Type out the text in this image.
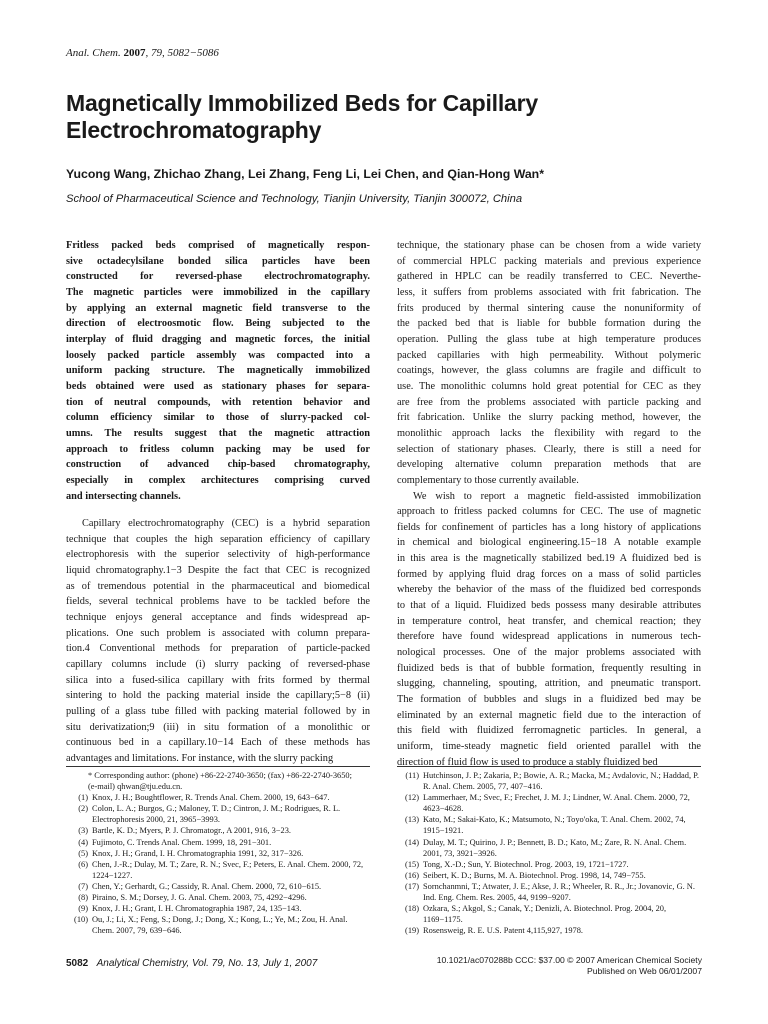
Anal. Chem. 2007, 79, 5082−5086
Magnetically Immobilized Beds for Capillary
Electrochromatography
Yucong Wang, Zhichao Zhang, Lei Zhang, Feng Li, Lei Chen, and Qian-Hong Wan*
School of Pharmaceutical Science and Technology, Tianjin University, Tianjin 300072, China
Fritless packed beds comprised of magnetically respon-
sive octadecylsilane bonded silica particles have been
constructed for reversed-phase electrochromatography.
The magnetic particles were immobilized in the capillary
by applying an external magnetic field transverse to the
direction of electroosmotic flow. Being subjected to the
interplay of fluid dragging and magnetic forces, the initial
loosely packed particle assembly was compacted into a
uniform packing structure. The magnetically immobilized
beds obtained were used as stationary phases for separa-
tion of neutral compounds, with retention behavior and
column efficiency similar to those of slurry-packed col-
umns. The results suggest that the magnetic attraction
approach to fritless column packing may be used for
construction of advanced chip-based chromatography,
especially in complex architectures comprising curved
and intersecting channels.
Capillary electrochromatography (CEC) is a hybrid separation
technique that couples the high separation efficiency of capillary
electrophoresis with the superior selectivity of high-performance
liquid chromatography.1−3 Despite the fact that CEC is recognized
as of tremendous potential in the pharmaceutical and biomedical
fields, several technical problems have to be tackled before the
technique enjoys general acceptance and finds widespread ap-
plications. One such problem is associated with column prepara-
tion.4 Conventional methods for preparation of particle-packed
capillary columns include (i) slurry packing of reversed-phase
silica into a fused-silica capillary with frits formed by thermal
sintering to hold the packing material inside the capillary;5−8 (ii)
pulling of a glass tube filled with packing material followed by in
situ derivatization;9 (iii) in situ formation of a monolithic or
continuous bed in a capillary.10−14 Each of these methods has
advantages and limitations. For instance, with the slurry packing
technique, the stationary phase can be chosen from a wide variety
of commercial HPLC packing materials and previous experience
gathered in HPLC can be readily transferred to CEC. Neverthe-
less, it suffers from problems associated with frit fabrication. The
frits produced by thermal sintering cause the nonuniformity of
the packed bed that is liable for bubble formation during the
operation. Pulling the glass tube at high temperature produces
packed capillaries with high permeability. Without polymeric
coatings, however, the glass columns are fragile and difficult to
use. The monolithic columns hold great potential for CEC as they
are free from the problems associated with particle packing and
frit fabrication. Unlike the slurry packing method, however, the
monolithic approach lacks the flexibility with regard to the
selection of stationary phases. Clearly, there is still a need for
developing alternative column preparation methods that are
complementary to those currently available.
We wish to report a magnetic field-assisted immobilization
approach to fritless packed columns for CEC. The use of magnetic
fields for confinement of particles has a long history of applications
in chemical and biological engineering.15−18 A notable example
in this area is the magnetically stabilized bed.19 A fluidized bed is
formed by applying fluid drag forces on a mass of solid particles
whereby the behavior of the mass of the fluidized bed corresponds
to that of a liquid. Fluidized beds possess many desirable attributes
in temperature control, heat transfer, and chemical reaction; they
therefore have found widespread applications in numerous tech-
nological processes. One of the major problems associated with
fluidized beds is that of bubble formation, frequently resulting in
slugging, channeling, spouting, attrition, and pneumatic transport.
The formation of bubbles and slugs in a fluidized bed may be
eliminated by an external magnetic field due to the interaction of
this field with fluidized ferromagnetic particles. In general, a
uniform, time-steady magnetic field oriented parallel with the
direction of fluid flow is used to produce a stably fluidized bed
* Corresponding author: (phone) +86-22-2740-3650; (fax) +86-22-2740-3650;
(e-mail) qhwan@tju.edu.cn.
(1) Knox, J. H.; Boughtflower, R. Trends Anal. Chem. 2000, 19, 643−647.
(2) Colon, L. A.; Burgos, G.; Maloney, T. D.; Cintron, J. M.; Rodrigues, R. L. Electrophoresis 2000, 21, 3965−3993.
(3) Bartle, K. D.; Myers, P. J. Chromatogr., A 2001, 916, 3−23.
(4) Fujimoto, C. Trends Anal. Chem. 1999, 18, 291−301.
(5) Knox, J. H.; Grand, I. H. Chromatographia 1991, 32, 317−326.
(6) Chen, J.-R.; Dulay, M. T.; Zare, R. N.; Svec, F.; Peters, E. Anal. Chem. 2000, 72, 1224−1227.
(7) Chen, Y.; Gerhardt, G.; Cassidy, R. Anal. Chem. 2000, 72, 610−615.
(8) Piraino, S. M.; Dorsey, J. G. Anal. Chem. 2003, 75, 4292−4296.
(9) Knox, J. H.; Grant, I. H. Chromatographia 1987, 24, 135−143.
(10) Ou, J.; Li, X.; Feng, S.; Dong, J.; Dong, X.; Kong, L.; Ye, M.; Zou, H. Anal. Chem. 2007, 79, 639−646.
(11) Hutchinson, J. P.; Zakaria, P.; Bowie, A. R.; Macka, M.; Avdalovic, N.; Haddad, P. R. Anal. Chem. 2005, 77, 407−416.
(12) Lammerhaer, M.; Svec, F.; Frechet, J. M. J.; Lindner, W. Anal. Chem. 2000, 72, 4623−4628.
(13) Kato, M.; Sakai-Kato, K.; Matsumoto, N.; Toyo'oka, T. Anal. Chem. 2002, 74, 1915−1921.
(14) Dulay, M. T.; Quirino, J. P.; Bennett, B. D.; Kato, M.; Zare, R. N. Anal. Chem. 2001, 73, 3921−3926.
(15) Tong, X.-D.; Sun, Y. Biotechnol. Prog. 2003, 19, 1721−1727.
(16) Seibert, K. D.; Burns, M. A. Biotechnol. Prog. 1998, 14, 749−755.
(17) Sornchanmni, T.; Atwater, J. E.; Akse, J. R.; Wheeler, R. R., Jr.; Jovanovic, G. N. Ind. Eng. Chem. Res. 2005, 44, 9199−9207.
(18) Ozkara, S.; Akgol, S.; Canak, Y.; Denizli, A. Biotechnol. Prog. 2004, 20, 1169−1175.
(19) Rosensweig, R. E. U.S. Patent 4,115,927, 1978.
5082 Analytical Chemistry, Vol. 79, No. 13, July 1, 2007	10.1021/ac070288b CCC: $37.00 © 2007 American Chemical Society
Published on Web 06/01/2007
